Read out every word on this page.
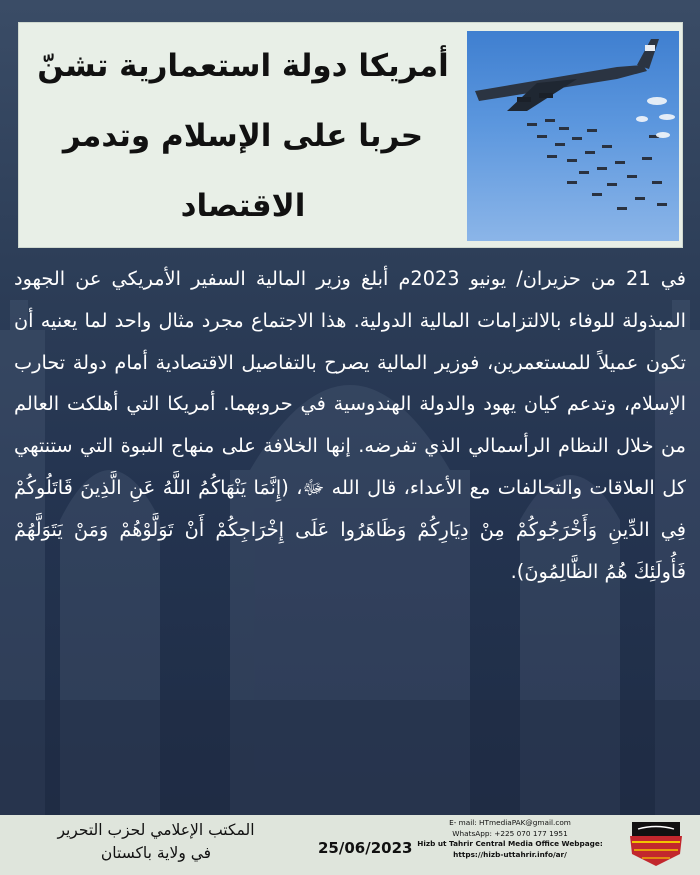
أمريكا دولة استعمارية تشنّ
حربا على الإسلام وتدمر
الاقتصاد
في 21 من حزيران/ يونيو 2023م أبلغ وزير المالية السفير الأمريكي عن الجهود المبذولة للوفاء بالالتزامات المالية الدولية. هذا الاجتماع مجرد مثال واحد لما يعنيه أن تكون عميلاً للمستعمرين، فوزير المالية يصرح بالتفاصيل الاقتصادية أمام دولة تحارب الإسلام، وتدعم كيان يهود والدولة الهندوسية في حروبهما. أمريكا التي أهلكت العالم من خلال النظام الرأسمالي الذي تفرضه. إنها الخلافة على منهاج النبوة التي ستنتهي كل العلاقات والتحالفات مع الأعداء، قال الله ﷻ، (إِنَّمَا يَنْهَاكُمُ اللَّهُ عَنِ الَّذِينَ قَاتَلُوكُمْ فِي الدِّينِ وَأَخْرَجُوكُمْ مِنْ دِيَارِكُمْ وَظَاهَرُوا عَلَى إِخْرَاجِكُمْ أَنْ تَوَلَّوْهُمْ وَمَنْ يَتَوَلَّهُمْ فَأُولَئِكَ هُمُ الظَّالِمُونَ).
المكتب الإعلامي لحزب التحرير
في ولاية باكستان	25/06/2023
E- mail: HTmediaPAK@gmail.com
WhatsApp: +225 070 177 1951
Hizb ut Tahrir Central Media Office Webpage:
https://hizb-uttahrir.info/ar/
